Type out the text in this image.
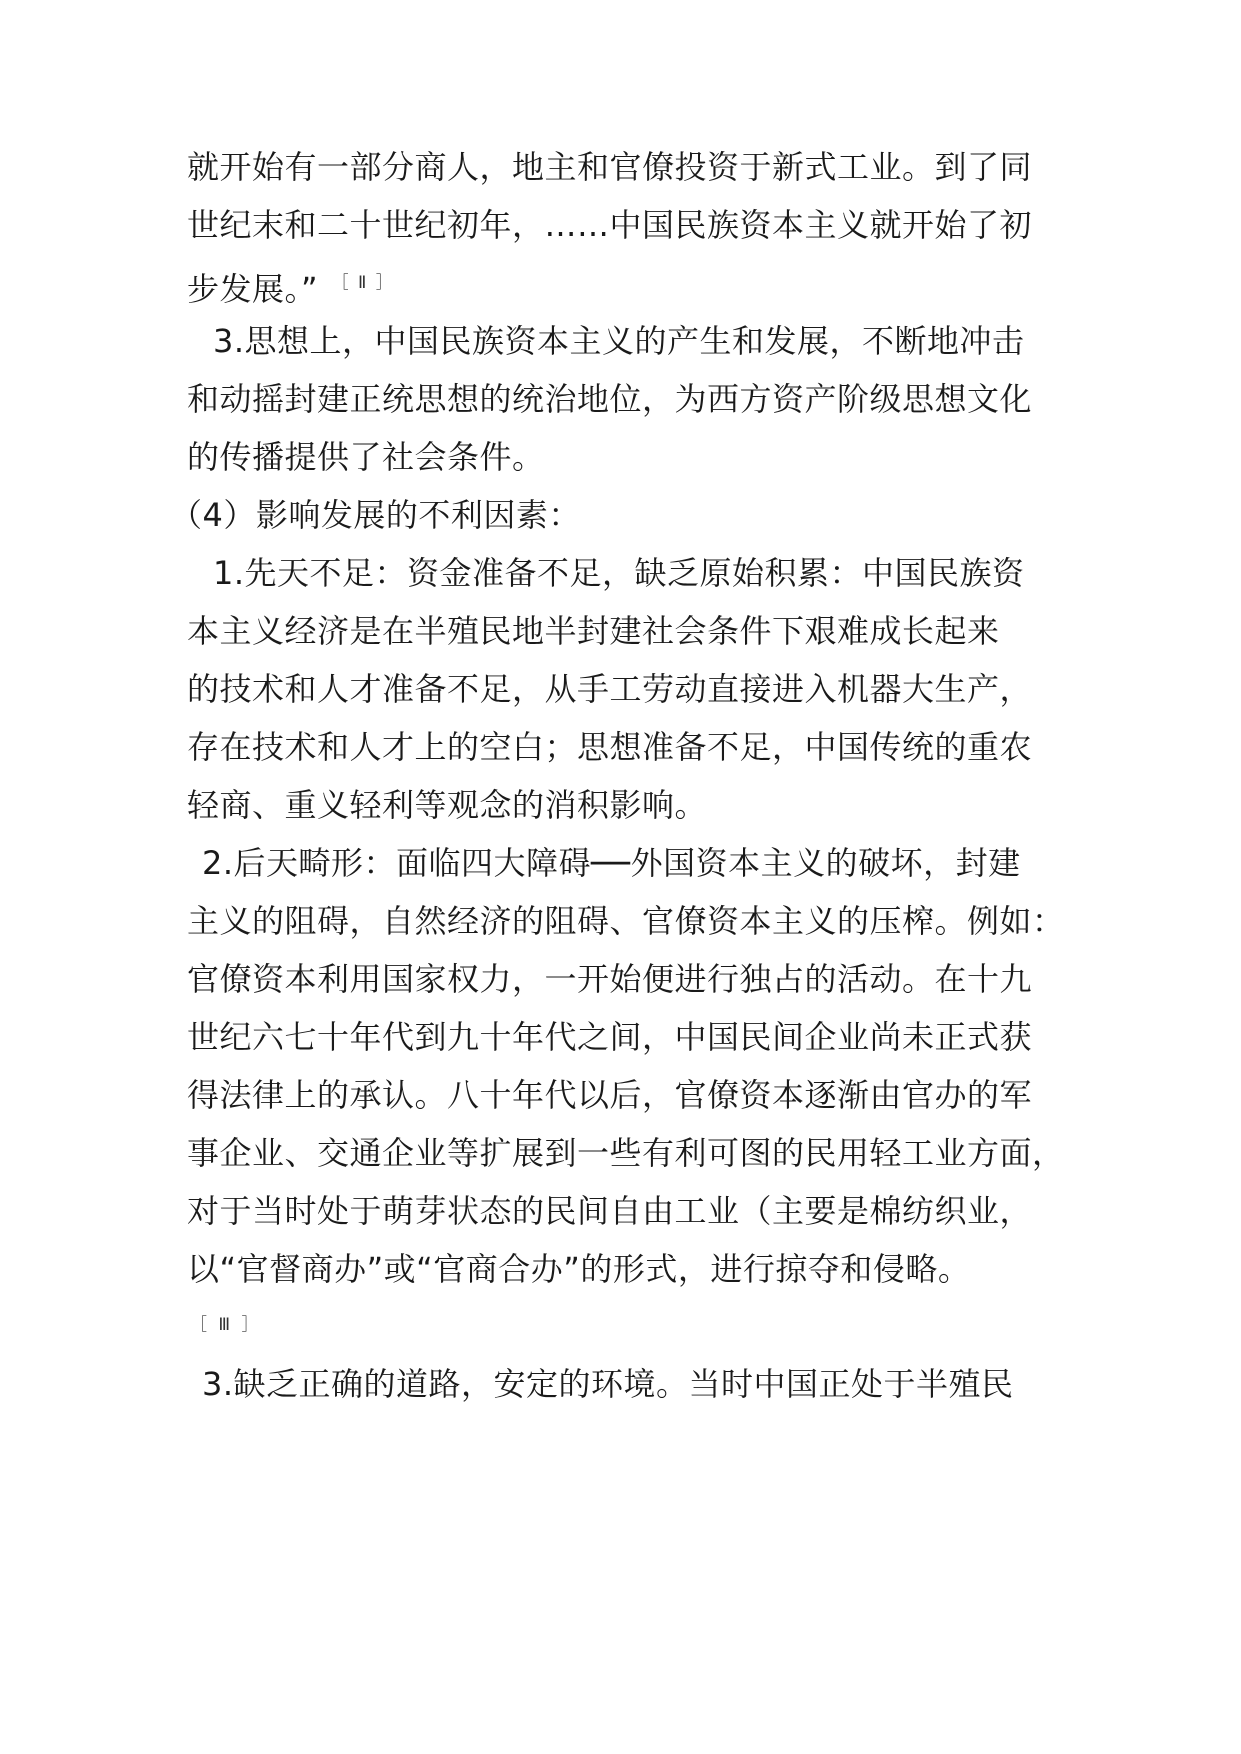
就开始有一部分商人，地主和官僚投资于新式工业。到了同
世纪末和二十世纪初年，……中国民族资本主义就开始了初
步发展。” $^{[ Ⅱ ]}$
3.思想上，中国民族资本主义的产生和发展，不断地冲击
和动摇封建正统思想的统治地位，为西方资产阶级思想文化
的传播提供了社会条件。
（4）影响发展的不利因素：
1.先天不足：资金准备不足，缺乏原始积累：中国民族资
本主义经济是在半殖民地半封建社会条件下艰难成长起来
的技术和人才准备不足，从手工劳动直接进入机器大生产，
存在技术和人才上的空白；思想准备不足，中国传统的重农
轻商、重义轻利等观念的消积影响。
2.后天畸形：面临四大障碍──外国资本主义的破坏，封建
主义的阻碍，自然经济的阻碍、官僚资本主义的压榨。例如：
官僚资本利用国家权力，一开始便进行独占的活动。在十九
世纪六七十年代到九十年代之间，中国民间企业尚未正式获
得法律上的承认。八十年代以后，官僚资本逐渐由官办的军
事企业、交通企业等扩展到一些有利可图的民用轻工业方面，
对于当时处于萌芽状态的民间自由工业（主要是棉纺织业，
以“官督商办”或“官商合办”的形式，进行掠夺和侵略。
［ Ⅲ ］
3.缺乏正确的道路，安定的环境。当时中国正处于半殖民
